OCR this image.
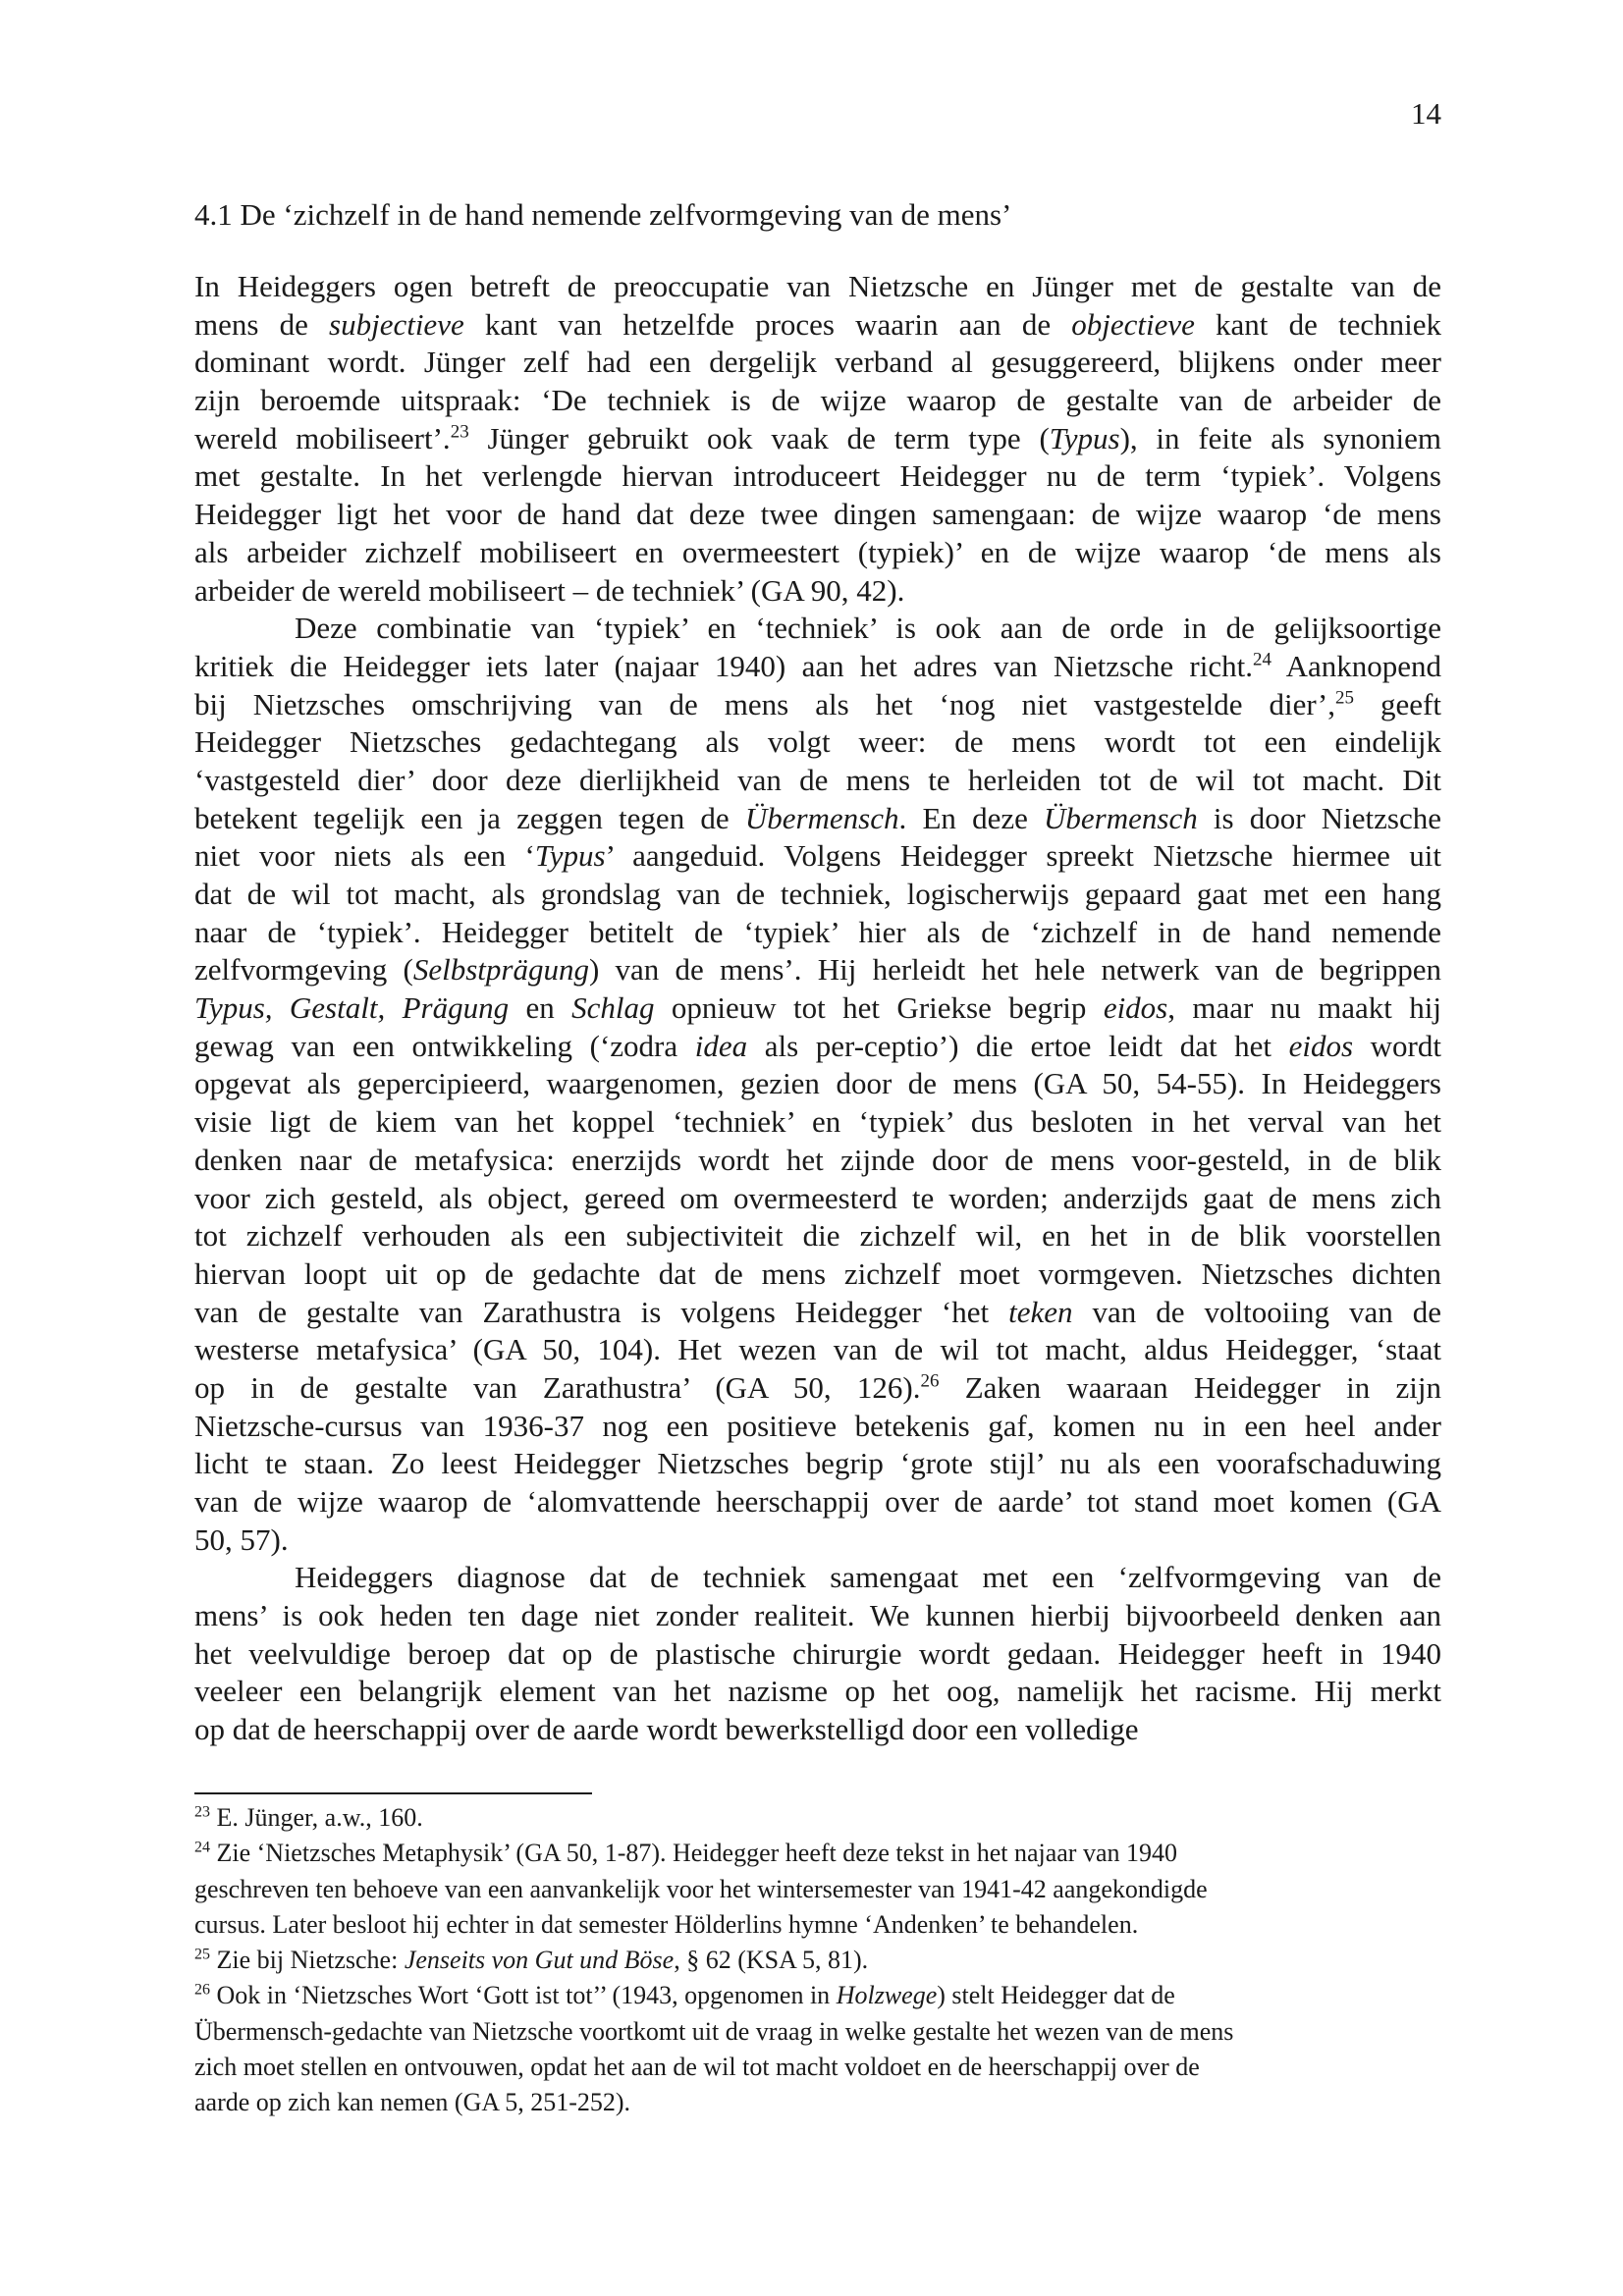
14
4.1 De ‘zichzelf in de hand nemende zelfvormgeving van de mens’
In Heideggers ogen betreft de preoccupatie van Nietzsche en Jünger met de gestalte van de
mens de subjectieve kant van hetzelfde proces waarin aan de objectieve kant de techniek
dominant wordt. Jünger zelf had een dergelijk verband al gesuggereerd, blijkens onder meer
zijn beroemde uitspraak: ‘De techniek is de wijze waarop de gestalte van de arbeider de
wereld mobiliseert’.$^{23}$ Jünger gebruikt ook vaak de term type (Typus), in feite als synoniem
met gestalte. In het verlengde hiervan introduceert Heidegger nu de term ‘typiek’. Volgens
Heidegger ligt het voor de hand dat deze twee dingen samengaan: de wijze waarop ‘de mens
als arbeider zichzelf mobiliseert en overmeestert (typiek)’ en de wijze waarop ‘de mens als
arbeider de wereld mobiliseert – de techniek’ (GA 90, 42).
Deze combinatie van ‘typiek’ en ‘techniek’ is ook aan de orde in de gelijksoortige
kritiek die Heidegger iets later (najaar 1940) aan het adres van Nietzsche richt.$^{24}$ Aanknopend
bij Nietzsches omschrijving van de mens als het ‘nog niet vastgestelde dier’,$^{25}$ geeft
Heidegger Nietzsches gedachtegang als volgt weer: de mens wordt tot een eindelijk
‘vastgesteld dier’ door deze dierlijkheid van de mens te herleiden tot de wil tot macht. Dit
betekent tegelijk een ja zeggen tegen de Übermensch. En deze Übermensch is door Nietzsche
niet voor niets als een ‘Typus’ aangeduid. Volgens Heidegger spreekt Nietzsche hiermee uit
dat de wil tot macht, als grondslag van de techniek, logischerwijs gepaard gaat met een hang
naar de ‘typiek’. Heidegger betitelt de ‘typiek’ hier als de ‘zichzelf in de hand nemende
zelfvormgeving (Selbstprägung) van de mens’. Hij herleidt het hele netwerk van de begrippen
Typus, Gestalt, Prägung en Schlag opnieuw tot het Griekse begrip eidos, maar nu maakt hij
gewag van een ontwikkeling (‘zodra idea als per-ceptio’) die ertoe leidt dat het eidos wordt
opgevat als gepercipieerd, waargenomen, gezien door de mens (GA 50, 54-55). In Heideggers
visie ligt de kiem van het koppel ‘techniek’ en ‘typiek’ dus besloten in het verval van het
denken naar de metafysica: enerzijds wordt het zijnde door de mens voor-gesteld, in de blik
voor zich gesteld, als object, gereed om overmeesterd te worden; anderzijds gaat de mens zich
tot zichzelf verhouden als een subjectiviteit die zichzelf wil, en het in de blik voorstellen
hiervan loopt uit op de gedachte dat de mens zichzelf moet vormgeven. Nietzsches dichten
van de gestalte van Zarathustra is volgens Heidegger ‘het teken van de voltooiing van de
westerse metafysica’ (GA 50, 104). Het wezen van de wil tot macht, aldus Heidegger, ‘staat
op in de gestalte van Zarathustra’ (GA 50, 126).$^{26}$ Zaken waaraan Heidegger in zijn
Nietzsche-cursus van 1936-37 nog een positieve betekenis gaf, komen nu in een heel ander
licht te staan. Zo leest Heidegger Nietzsches begrip ‘grote stijl’ nu als een voorafschaduwing
van de wijze waarop de ‘alomvattende heerschappij over de aarde’ tot stand moet komen (GA
50, 57).
Heideggers diagnose dat de techniek samengaat met een ‘zelfvormgeving van de
mens’ is ook heden ten dage niet zonder realiteit. We kunnen hierbij bijvoorbeeld denken aan
het veelvuldige beroep dat op de plastische chirurgie wordt gedaan. Heidegger heeft in 1940
veeleer een belangrijk element van het nazisme op het oog, namelijk het racisme. Hij merkt
op dat de heerschappij over de aarde wordt bewerkstelligd door een volledige
$^{23}$ E. Jünger, a.w., 160.
$^{24}$ Zie ‘Nietzsches Metaphysik’ (GA 50, 1-87). Heidegger heeft deze tekst in het najaar van 1940
geschreven ten behoeve van een aanvankelijk voor het wintersemester van 1941-42 aangekondigde
cursus. Later besloot hij echter in dat semester Hölderlins hymne ‘Andenken’ te behandelen.
$^{25}$ Zie bij Nietzsche: Jenseits von Gut und Böse, § 62 (KSA 5, 81).
$^{26}$ Ook in ‘Nietzsches Wort ‘Gott ist tot’’ (1943, opgenomen in Holzwege) stelt Heidegger dat de
Übermensch-gedachte van Nietzsche voortkomt uit de vraag in welke gestalte het wezen van de mens
zich moet stellen en ontvouwen, opdat het aan de wil tot macht voldoet en de heerschappij over de
aarde op zich kan nemen (GA 5, 251-252).
